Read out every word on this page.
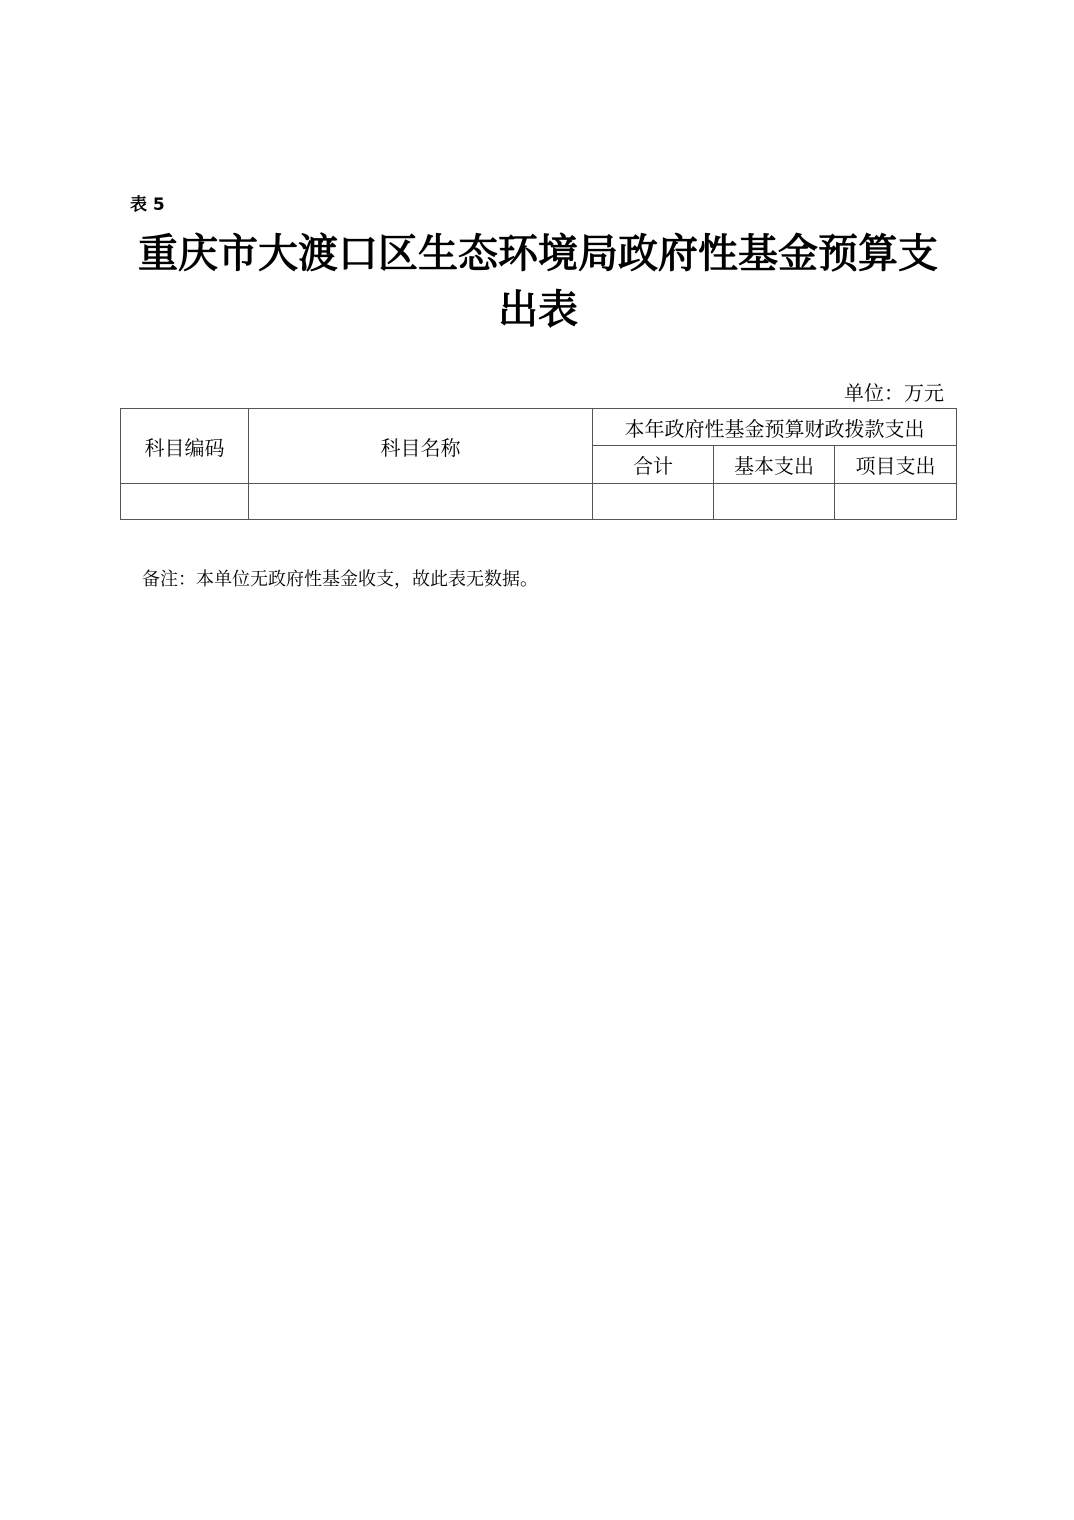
表 5
重庆市大渡口区生态环境局政府性基金预算支
出表
单位：万元
科目编码	科目名称	本年政府性基金预算财政拨款支出		
		合计	基本支出	项目支出

备注：本单位无政府性基金收支，故此表无数据。
